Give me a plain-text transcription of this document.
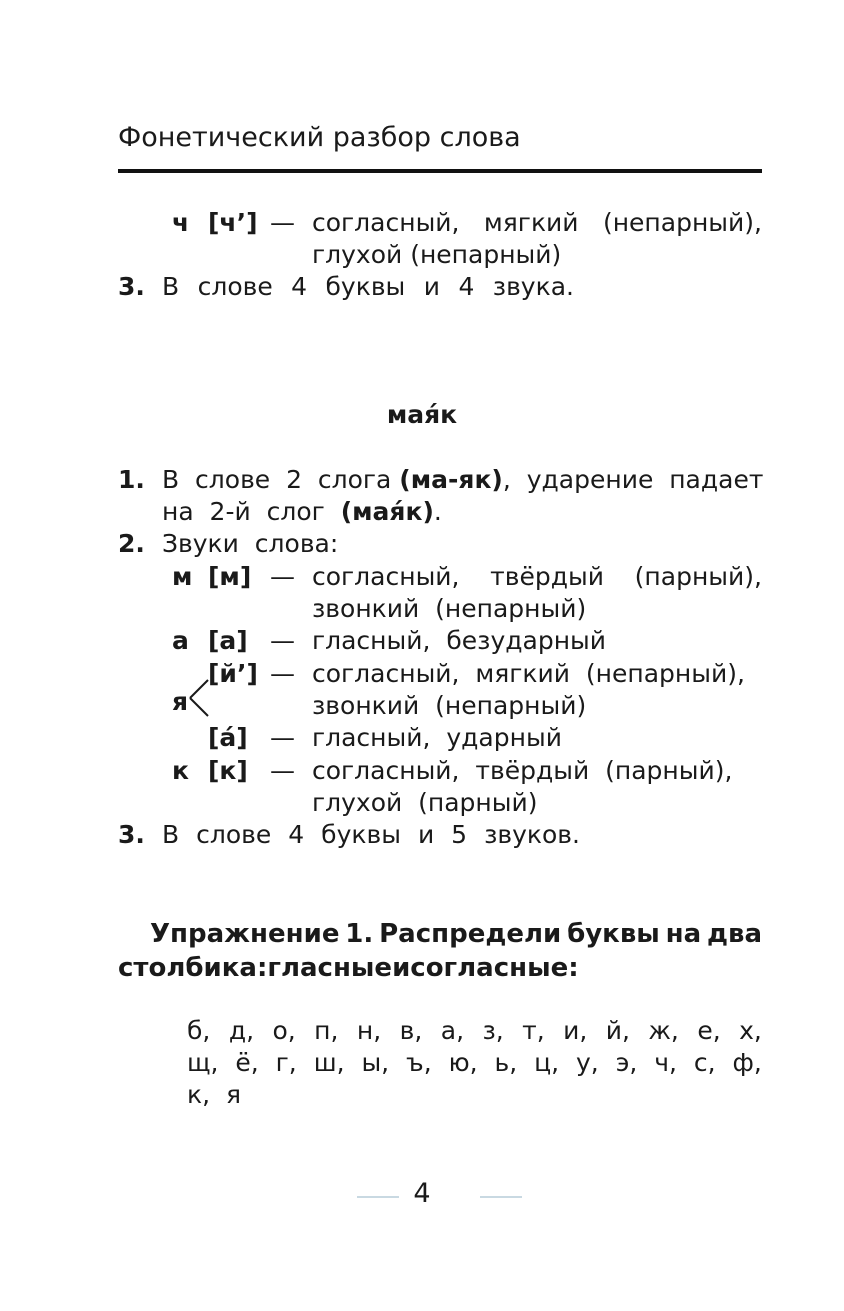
Фонетический разбор слова
ч [ч’] — согласный, мягкий (непарный),
глухой (непарный)
3. В слове 4 буквы и 4 звука.
мая́к
1. В  слове  2  слога (ма-як),  ударение  падает
на  2-й  слог  (мая́к).
2. Звуки  слова:
м [м] — согласный, твёрдый (парный),
звонкий  (непарный)
а [а] — гласный,  безударный
я
[й’] — согласный,  мягкий  (непарный),
звонкий  (непарный)
[а́] — гласный,  ударный
к [к] — согласный,  твёрдый  (парный),
глухой  (парный)
3. В слове 4 буквы и 5 звуков.
Упражнение 1. Распредели буквы на два
столбика: гласные и согласные:
б, д, о, п, н, в, а, з, т, и, й, ж, е, х,
щ, ё, г, ш, ы, ъ, ю, ь, ц, у, э, ч, с, ф,
к,  я
4
